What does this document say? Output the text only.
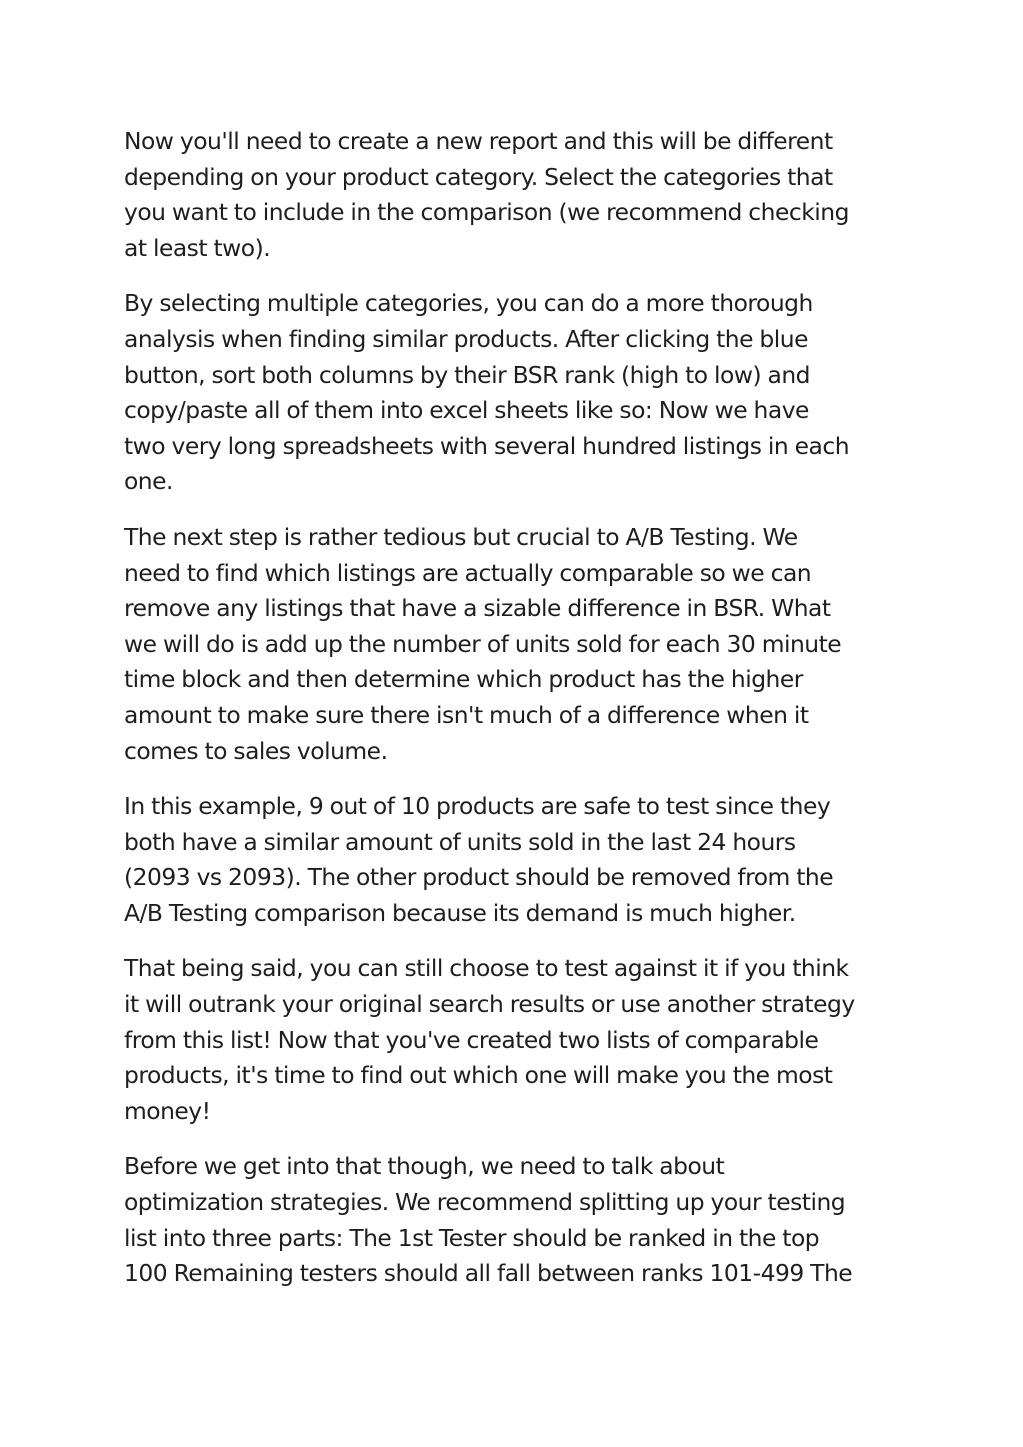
Now you'll need to create a new report and this will be different
depending on your product category. Select the categories that
you want to include in the comparison (we recommend checking
at least two).

By selecting multiple categories, you can do a more thorough
analysis when finding similar products. After clicking the blue
button, sort both columns by their BSR rank (high to low) and
copy/paste all of them into excel sheets like so: Now we have
two very long spreadsheets with several hundred listings in each
one.

The next step is rather tedious but crucial to A/B Testing. We
need to find which listings are actually comparable so we can
remove any listings that have a sizable difference in BSR. What
we will do is add up the number of units sold for each 30 minute
time block and then determine which product has the higher
amount to make sure there isn't much of a difference when it
comes to sales volume.

In this example, 9 out of 10 products are safe to test since they
both have a similar amount of units sold in the last 24 hours
(2093 vs 2093). The other product should be removed from the
A/B Testing comparison because its demand is much higher.

That being said, you can still choose to test against it if you think
it will outrank your original search results or use another strategy
from this list! Now that you've created two lists of comparable
products, it's time to find out which one will make you the most
money!

Before we get into that though, we need to talk about
optimization strategies. We recommend splitting up your testing
list into three parts: The 1st Tester should be ranked in the top
100 Remaining testers should all fall between ranks 101-499 The
